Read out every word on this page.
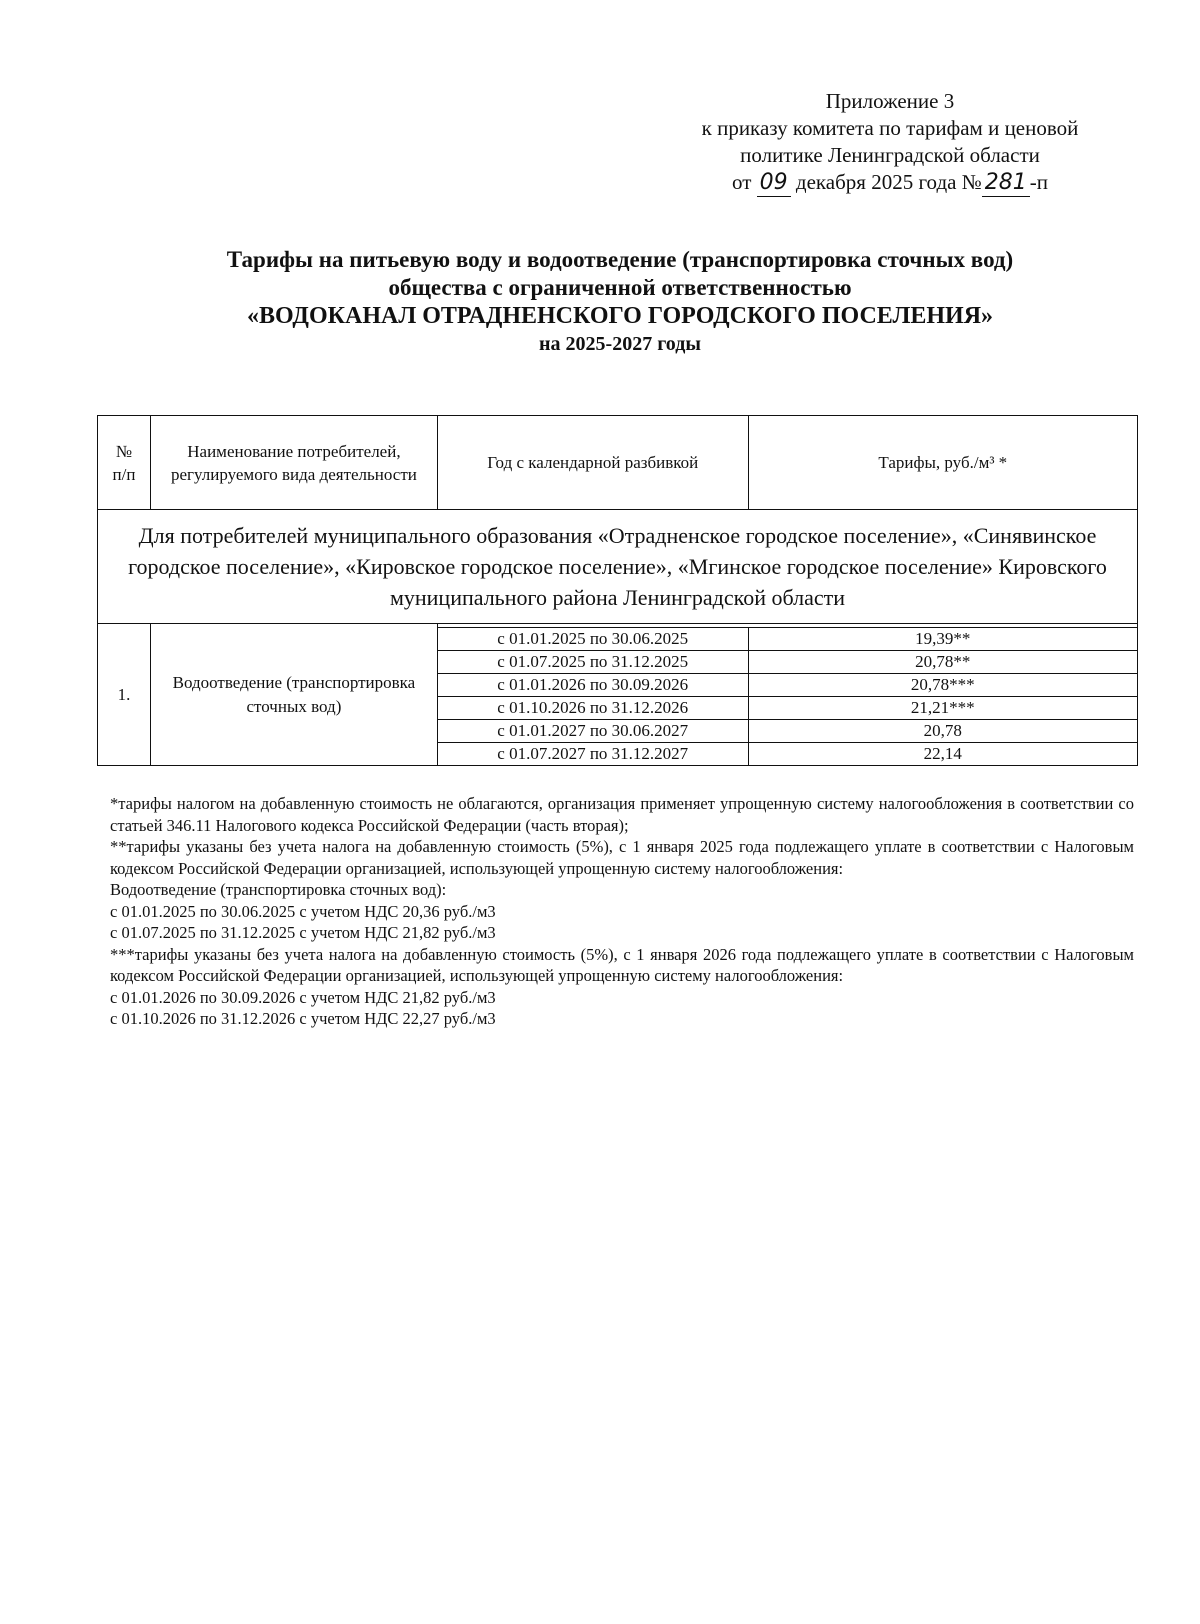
Приложение 3
к приказу комитета по тарифам и ценовой
политике Ленинградской области
от 09 декабря 2025 года № 281 -п
Тарифы на питьевую воду и водоотведение (транспортировка сточных вод)
общества с ограниченной ответственностью
«ВОДОКАНАЛ ОТРАДНЕНСКОГО ГОРОДСКОГО ПОСЕЛЕНИЯ»
на 2025-2027 годы
№ п/п	Наименование потребителей, регулируемого вида деятельности	Год с календарной разбивкой	Тарифы, руб./м³ *
Для потребителей муниципального образования «Отрадненское городское поселение», «Синявинское городское поселение», «Кировское городское поселение», «Мгинское городское поселение» Кировского муниципального района Ленинградской области			
1.	Водоотведение (транспортировка сточных вод)		
		с 01.01.2025 по 30.06.2025	19,39**
		с 01.07.2025 по 31.12.2025	20,78**
		с 01.01.2026 по 30.09.2026	20,78***
		с 01.10.2026 по 31.12.2026	21,21***
		с 01.01.2027 по 30.06.2027	20,78
		с 01.07.2027 по 31.12.2027	22,14

*тарифы налогом на добавленную стоимость не облагаются, организация применяет упрощенную систему налогообложения в соответствии со статьей 346.11 Налогового кодекса Российской Федерации (часть вторая);

**тарифы указаны без учета налога на добавленную стоимость (5%), с 1 января 2025 года подлежащего уплате в соответствии с Налоговым кодексом Российской Федерации организацией, использующей упрощенную систему налогообложения:

Водоотведение (транспортировка сточных вод):

с 01.01.2025 по 30.06.2025 с учетом НДС 20,36 руб./м3

с 01.07.2025 по 31.12.2025 с учетом НДС 21,82 руб./м3

***тарифы указаны без учета налога на добавленную стоимость (5%), с 1 января 2026 года подлежащего уплате в соответствии с Налоговым кодексом Российской Федерации организацией, использующей упрощенную систему налогообложения:

с 01.01.2026 по 30.09.2026 с учетом НДС 21,82 руб./м3

с 01.10.2026 по 31.12.2026 с учетом НДС 22,27 руб./м3
